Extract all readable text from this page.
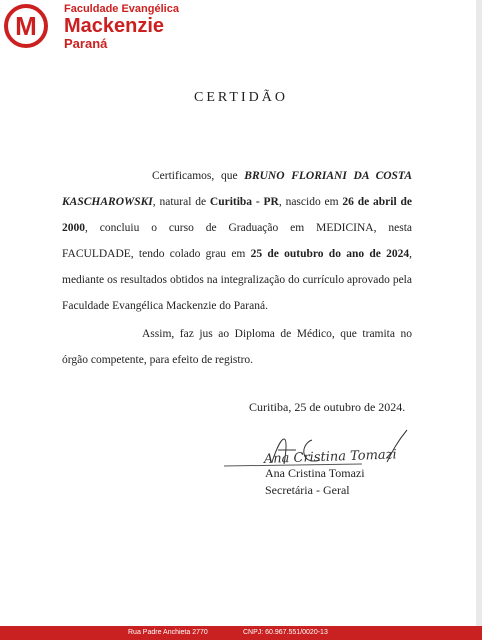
M
Faculdade Evangélica
Mackenzie
Paraná
CERTIDÃO

Certificamos, que BRUNO FLORIANI DA COSTA KASCHAROWSKI, natural de Curitiba - PR, nascido em 26 de abril de 2000, concluiu o curso de Graduação em MEDICINA, nesta FACULDADE, tendo colado grau em 25 de outubro do ano de 2024, mediante os resultados obtidos na integralização do currículo aprovado pela Faculdade Evangélica Mackenzie do Paraná.

Assim, faz jus ao Diploma de Médico, que tramita no órgão competente, para efeito de registro.

Curitiba, 25 de outubro de 2024.
Ana Cristina Tomazi
Ana Cristina Tomazi
Secretária - Geral
Rua Padre Anchieta 2770	CNPJ: 60.967.551/0020-13
